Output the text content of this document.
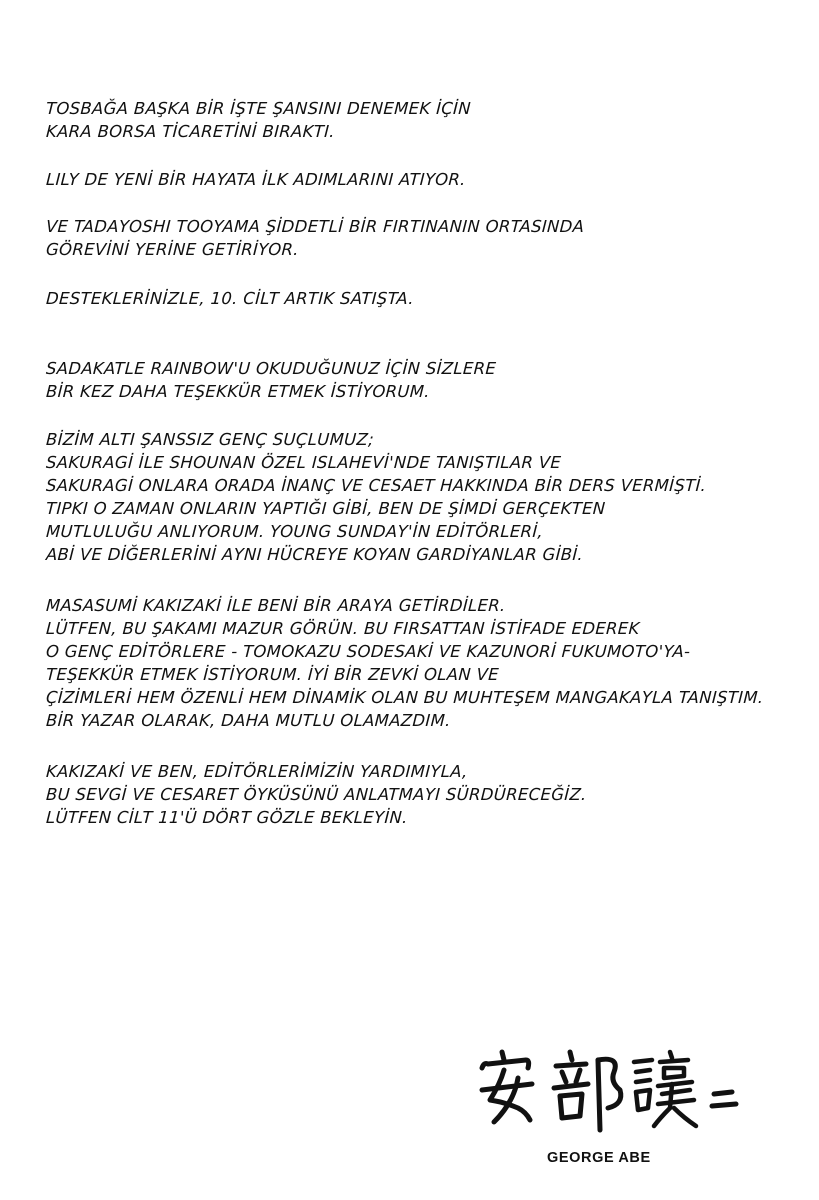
TOSBAĞA BAŞKA BİR İŞTE ŞANSINI DENEMEK İÇİN
KARA BORSA TİCARETİNİ BIRAKTI.
LILY DE YENİ BİR HAYATA İLK ADIMLARINI ATIYOR.
VE TADAYOSHI TOOYAMA ŞİDDETLİ BİR FIRTINANIN ORTASINDA
GÖREVİNİ YERİNE GETİRİYOR.
DESTEKLERİNİZLE, 10. CİLT ARTIK SATIŞTA.
SADAKATLE RAINBOW'U OKUDUĞUNUZ İÇİN SİZLERE
BİR KEZ DAHA TEŞEKKÜR ETMEK İSTİYORUM.
BİZİM ALTI ŞANSSIZ GENÇ SUÇLUMUZ;
SAKURAGİ İLE SHOUNAN ÖZEL ISLAHEVİ'NDE TANIŞTILAR VE
SAKURAGİ ONLARA ORADA İNANÇ VE CESAET HAKKINDA BİR DERS VERMİŞTİ.
TIPKI O ZAMAN ONLARIN YAPTIĞI GİBİ, BEN DE ŞİMDİ GERÇEKTEN
MUTLULUĞU ANLIYORUM. YOUNG SUNDAY'İN EDİTÖRLERİ,
ABİ VE DİĞERLERİNİ AYNI HÜCREYE KOYAN GARDİYANLAR GİBİ.
MASASUMİ KAKIZAKİ İLE BENİ BİR ARAYA GETİRDİLER.
LÜTFEN, BU ŞAKAMI MAZUR GÖRÜN. BU FIRSATTAN İSTİFADE EDEREK
O GENÇ EDİTÖRLERE - TOMOKAZU SODESAKİ VE KAZUNORİ FUKUMOTO'YA-
TEŞEKKÜR ETMEK İSTİYORUM. İYİ BİR ZEVKİ OLAN VE
ÇİZİMLERİ HEM ÖZENLİ HEM DİNAMİK OLAN BU MUHTEŞEM MANGAKAYLA TANIŞTIM.
BİR YAZAR OLARAK, DAHA MUTLU OLAMAZDIM.
KAKIZAKİ VE BEN, EDİTÖRLERİMİZİN YARDIMIYLA,
BU SEVGİ VE CESARET ÖYKÜSÜNÜ ANLATMAYI SÜRDÜRECEĞİZ.
LÜTFEN CİLT 11'Ü DÖRT GÖZLE BEKLEYİN.
GEORGE ABE
